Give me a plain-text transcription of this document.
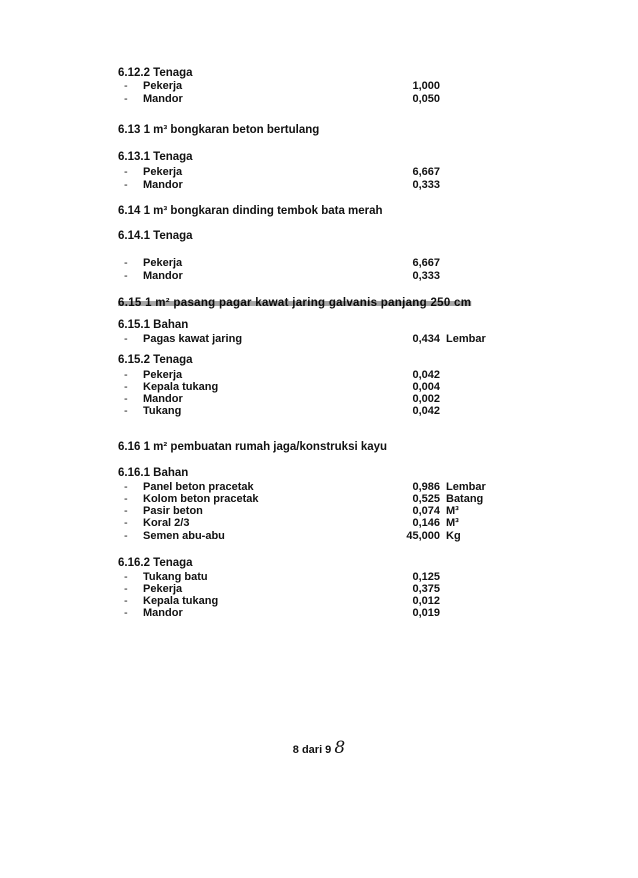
6.12.2 Tenaga
- Pekerja	1,000
- Mandor	0,050
6.13 1 m³ bongkaran beton bertulang
6.13.1 Tenaga
- Pekerja	6,667
- Mandor	0,333
6.14 1 m³ bongkaran dinding tembok bata merah
6.14.1 Tenaga
- Pekerja	6,667
- Mandor	0,333
6.15 1 m² pasang pagar kawat jaring galvanis panjang 250 cm
6.15.1 Bahan
- Pagas kawat jaring	0,434 Lembar
6.15.2 Tenaga
- Pekerja	0,042
- Kepala tukang	0,004
- Mandor	0,002
- Tukang	0,042
6.16 1 m² pembuatan rumah jaga/konstruksi kayu
6.16.1 Bahan
- Panel beton pracetak	0,986 Lembar
- Kolom beton pracetak	0,525 Batang
- Pasir beton	0,074 M³
- Koral 2/3	0,146 M³
- Semen abu-abu	45,000 Kg
6.16.2 Tenaga
- Tukang batu	0,125
- Pekerja	0,375
- Kepala tukang	0,012
- Mandor	0,019
8 dari 9 8
